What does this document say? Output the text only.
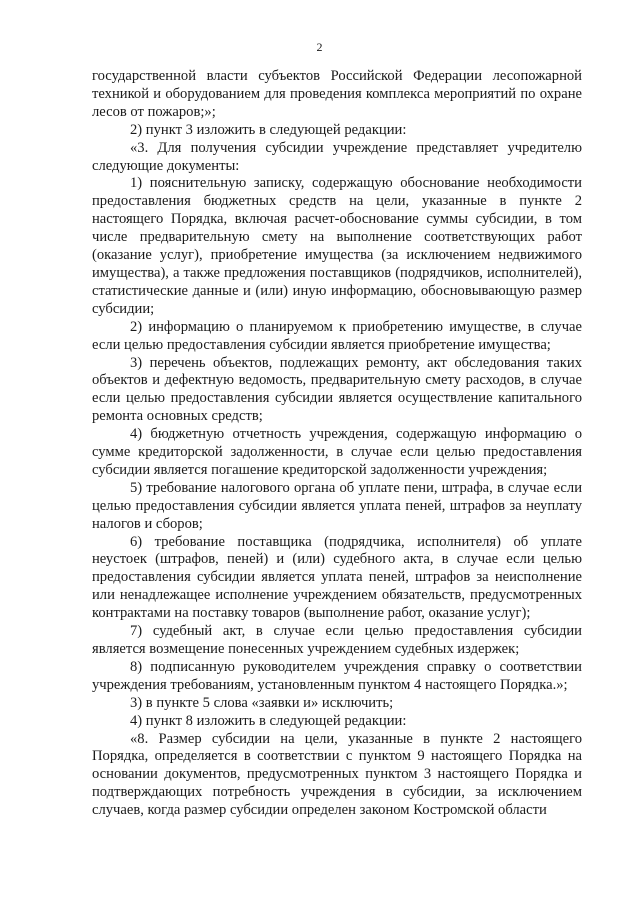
2

государственной власти субъектов Российской Федерации лесопожарной техникой и оборудованием для проведения комплекса мероприятий по охране лесов от пожаров;»;

2) пункт 3 изложить в следующей редакции:

«3. Для получения субсидии учреждение представляет учредителю следующие документы:

1) пояснительную записку, содержащую обоснование необходимости предоставления бюджетных средств на цели, указанные в пункте 2 настоящего Порядка, включая расчет-обоснование суммы субсидии, в том числе предварительную смету на выполнение соответствующих работ (оказание услуг), приобретение имущества (за исключением недвижимого имущества), а также предложения поставщиков (подрядчиков, исполнителей), статистические данные и (или) иную информацию, обосновывающую размер субсидии;

2) информацию о планируемом к приобретению имуществе, в случае если целью предоставления субсидии является приобретение имущества;

3) перечень объектов, подлежащих ремонту, акт обследования таких объектов и дефектную ведомость, предварительную смету расходов, в случае если целью предоставления субсидии является осуществление капитального ремонта основных средств;

4) бюджетную отчетность учреждения, содержащую информацию о сумме кредиторской задолженности, в случае если целью предоставления субсидии является погашение кредиторской задолженности учреждения;

5) требование налогового органа об уплате пени, штрафа, в случае если целью предоставления субсидии является уплата пеней, штрафов за неуплату налогов и сборов;

6) требование поставщика (подрядчика, исполнителя) об уплате неустоек (штрафов, пеней) и (или) судебного акта, в случае если целью предоставления субсидии является уплата пеней, штрафов за неисполнение или ненадлежащее исполнение учреждением обязательств, предусмотренных контрактами на поставку товаров (выполнение работ, оказание услуг);

7) судебный акт, в случае если целью предоставления субсидии является возмещение понесенных учреждением судебных издержек;

8) подписанную руководителем учреждения справку о соответствии учреждения требованиям, установленным пунктом 4 настоящего Порядка.»;

3) в пункте 5 слова «заявки и» исключить;

4) пункт 8 изложить в следующей редакции:

«8. Размер субсидии на цели, указанные в пункте 2 настоящего Порядка, определяется в соответствии с пунктом 9 настоящего Порядка на основании документов, предусмотренных пунктом 3 настоящего Порядка и подтверждающих потребность учреждения в субсидии, за исключением случаев, когда размер субсидии определен законом Костромской области
